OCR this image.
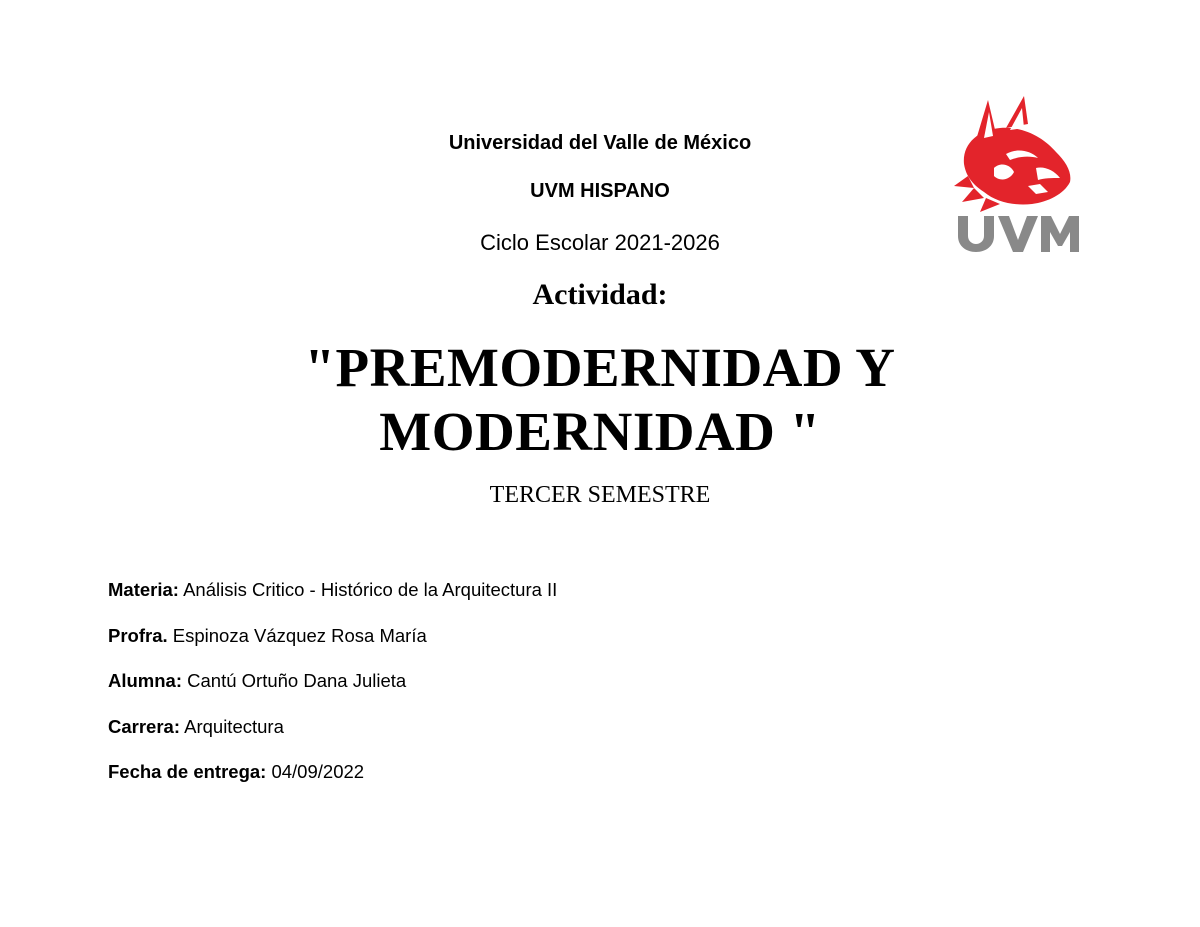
Universidad del Valle de México

UVM HISPANO

Ciclo Escolar 2021-2026

Actividad:

"PREMODERNIDAD Y

MODERNIDAD "

TERCER SEMESTRE

Materia: Análisis Critico - Histórico de la Arquitectura II
Profra. Espinoza Vázquez Rosa María
Alumna: Cantú Ortuño Dana Julieta
Carrera: Arquitectura
Fecha de entrega: 04/09/2022
